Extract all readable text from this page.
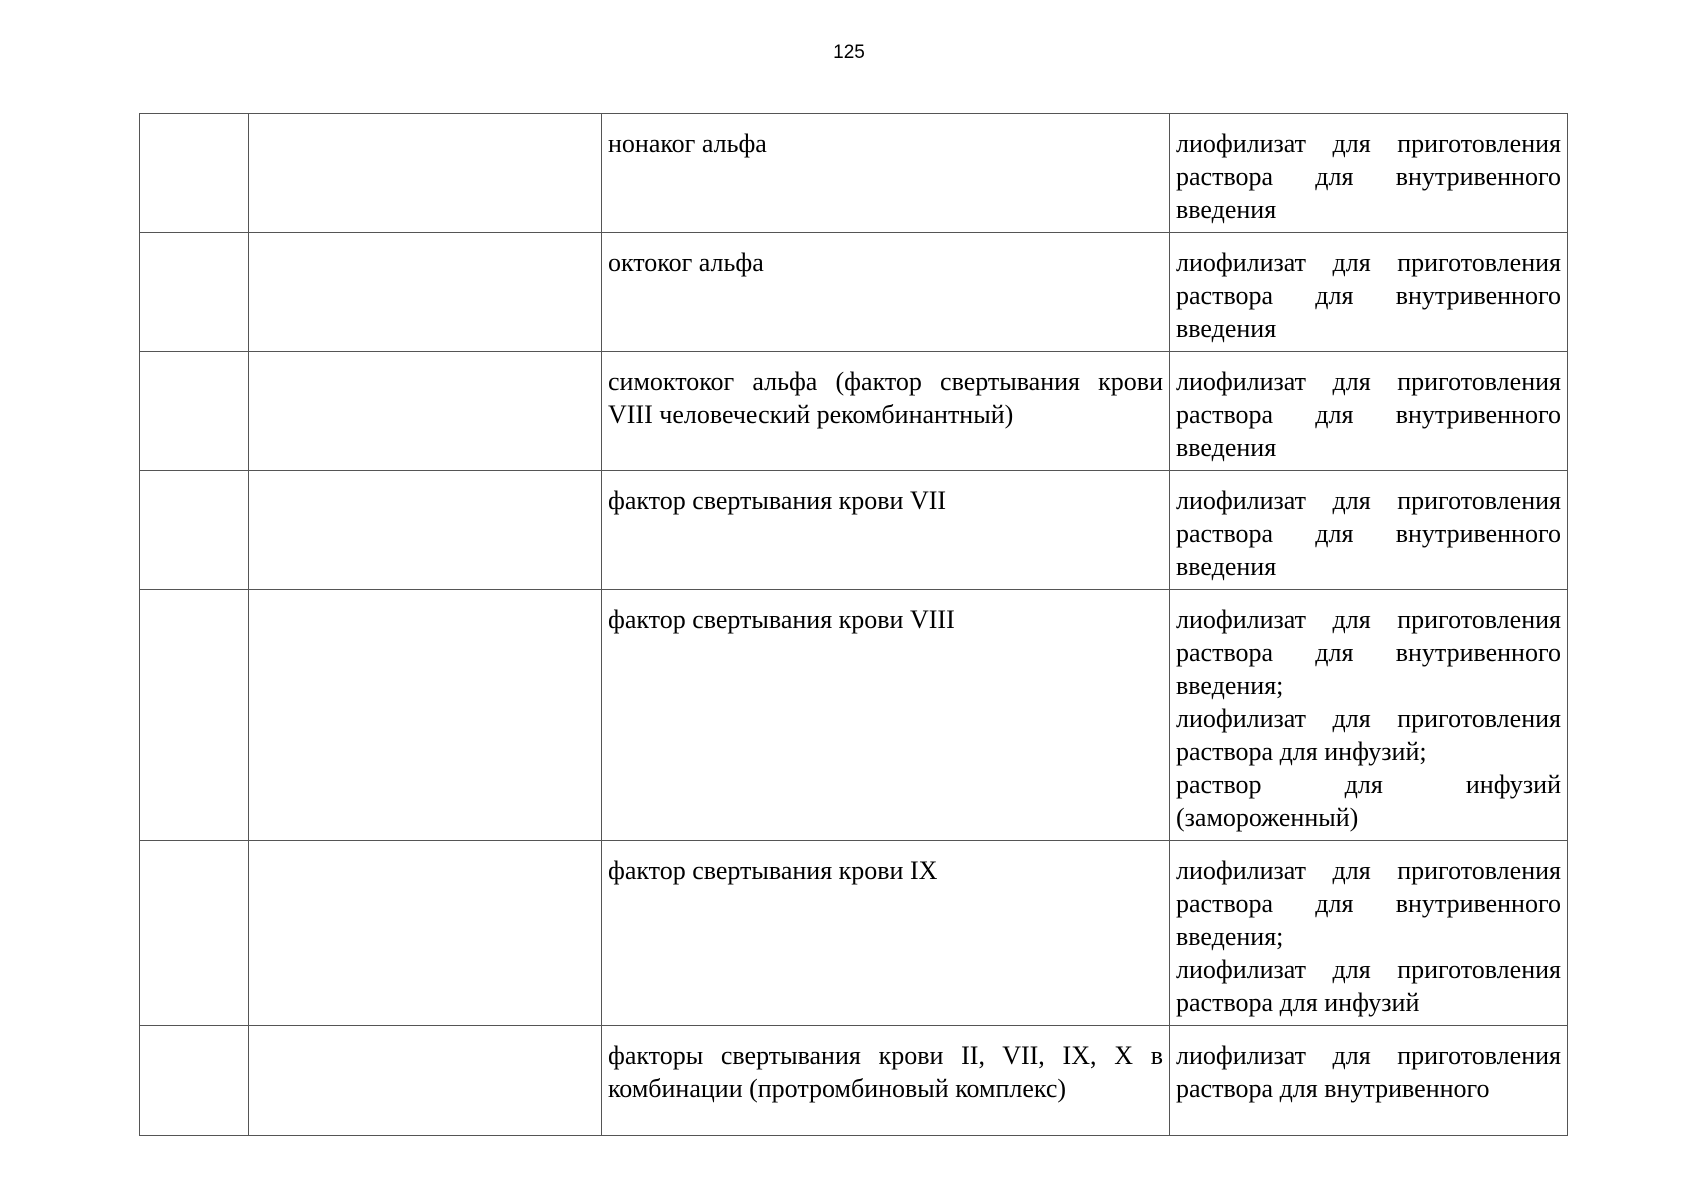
125
		нонаког альфа	лиофилизат для приготовления раствора для внутривенного введения

		октоког альфа	лиофилизат для приготовления раствора для внутривенного введения

		симоктоког альфа (фактор свертывания крови VIII человеческий рекомбинантный)	лиофилизат для приготовления раствора для внутривенного введения

		фактор свертывания крови VII	лиофилизат для приготовления раствора для внутривенного введения

		фактор свертывания крови VIII	лиофилизат для приготовления раствора для внутривенного введения;
лиофилизат для приготовления раствора для инфузий;
раствор для инфузий (замороженный)

		фактор свертывания крови IX	лиофилизат для приготовления раствора для внутривенного введения;
лиофилизат для приготовления раствора для инфузий

		факторы свертывания крови II, VII, IX, X в комбинации (протромбиновый комплекс)	лиофилизат для приготовления раствора для внутривенного
